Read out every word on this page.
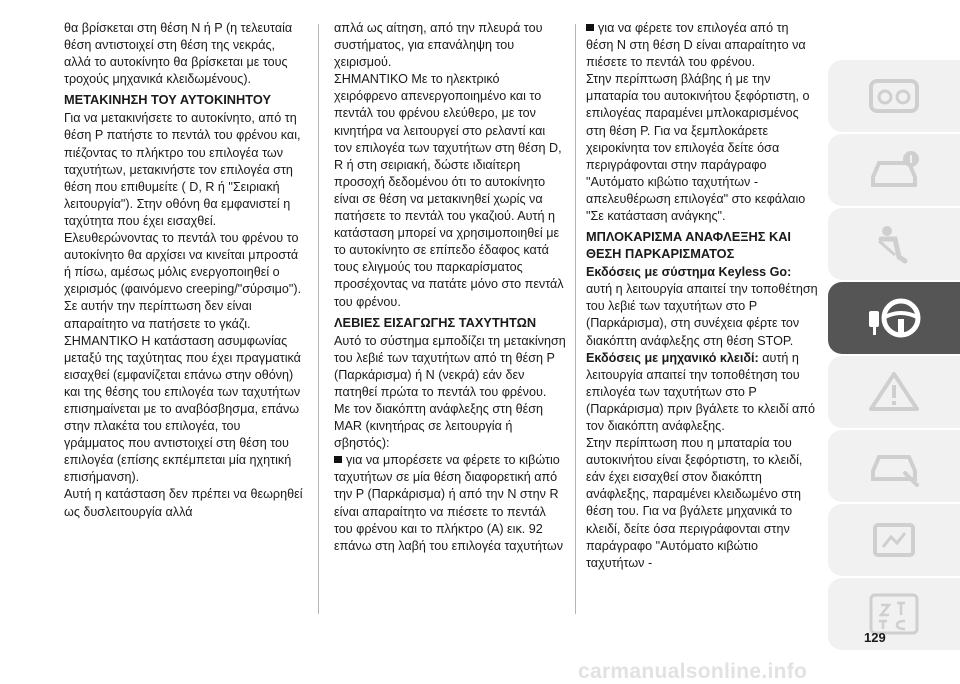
θα βρίσκεται στη θέση N ή P (η τελευταία θέση αντιστοιχεί στη θέση της νεκράς, αλλά το αυτοκίνητο θα βρίσκεται με τους τροχούς μηχανικά κλειδωμένους).

ΜΕΤΑΚΙΝΗΣΗ ΤΟΥ ΑΥΤΟΚΙΝΗΤΟΥ

Για να μετακινήσετε το αυτοκίνητο, από τη θέση P πατήστε το πεντάλ του φρένου και, πιέζοντας το πλήκτρο του επιλογέα των ταχυτήτων, μετακινήστε τον επιλογέα στη θέση που επιθυμείτε ( D, R ή "Σειριακή λειτουργία"). Στην οθόνη θα εμφανιστεί η ταχύτητα που έχει εισαχθεί.

Ελευθερώνοντας το πεντάλ του φρένου το αυτοκίνητο θα αρχίσει να κινείται μπροστά ή πίσω, αμέσως μόλις ενεργοποιηθεί ο χειρισμός (φαινόμενο creeping/"σύρσιμο").

Σε αυτήν την περίπτωση δεν είναι απαραίτητο να πατήσετε το γκάζι.

ΣΗΜΑΝΤΙΚΟ Η κατάσταση ασυμφωνίας μεταξύ της ταχύτητας που έχει πραγματικά εισαχθεί (εμφανίζεται επάνω στην οθόνη) και της θέσης του επιλογέα των ταχυτήτων επισημαίνεται με το αναβόσβησμα, επάνω στην πλακέτα του επιλογέα, του γράμματος που αντιστοιχεί στη θέση του επιλογέα (επίσης εκπέμπεται μία ηχητική επισήμανση).

Αυτή η κατάσταση δεν πρέπει να θεωρηθεί ως δυσλειτουργία αλλά

απλά ως αίτηση, από την πλευρά του συστήματος, για επανάληψη του χειρισμού.

ΣΗΜΑΝΤΙΚΟ Με το ηλεκτρικό χειρόφρενο απενεργοποιημένο και το πεντάλ του φρένου ελεύθερο, με τον κινητήρα να λειτουργεί στο ρελαντί και τον επιλογέα των ταχυτήτων στη θέση D, R ή στη σειριακή, δώστε ιδιαίτερη προσοχή δεδομένου ότι το αυτοκίνητο είναι σε θέση να μετακινηθεί χωρίς να πατήσετε το πεντάλ του γκαζιού. Αυτή η κατάσταση μπορεί να χρησιμοποιηθεί με το αυτοκίνητο σε επίπεδο έδαφος κατά τους ελιγμούς του παρκαρίσματος προσέχοντας να πατάτε μόνο στο πεντάλ του φρένου.

ΛΕΒΙΕΣ ΕΙΣΑΓΩΓΗΣ ΤΑΧΥΤΗΤΩΝ

Αυτό το σύστημα εμποδίζει τη μετακίνηση του λεβιέ των ταχυτήτων από τη θέση P (Παρκάρισμα) ή N (νεκρά) εάν δεν πατηθεί πρώτα το πεντάλ του φρένου.

Με τον διακόπτη ανάφλεξης στη θέση MAR (κινητήρας σε λειτουργία ή σβηστός):

για να μπορέσετε να φέρετε το κιβώτιο ταχυτήτων σε μία θέση διαφορετική από την P (Παρκάρισμα) ή από την N στην R είναι απαραίτητο να πιέσετε το πεντάλ του φρένου και το πλήκτρο (A) εικ. 92 επάνω στη λαβή του επιλογέα ταχυτήτων

για να φέρετε τον επιλογέα από τη θέση N στη θέση D είναι απαραίτητο να πιέσετε το πεντάλ του φρένου.

Στην περίπτωση βλάβης ή με την μπαταρία του αυτοκινήτου ξεφόρτιστη, ο επιλογέας παραμένει μπλοκαρισμένος στη θέση P. Για να ξεμπλοκάρετε χειροκίνητα τον επιλογέα δείτε όσα περιγράφονται στην παράγραφο "Αυτόματο κιβώτιο ταχυτήτων - απελευθέρωση επιλογέα" στο κεφάλαιο "Σε κατάσταση ανάγκης".

ΜΠΛΟΚΑΡΙΣΜΑ ΑΝΑΦΛΕΞΗΣ ΚΑΙ ΘΕΣΗ ΠΑΡΚΑΡΙΣΜΑΤΟΣ

Εκδόσεις με σύστημα Keyless Go: αυτή η λειτουργία απαιτεί την τοποθέτηση του λεβιέ των ταχυτήτων στο P (Παρκάρισμα), στη συνέχεια φέρτε τον διακόπτη ανάφλεξης στη θέση STOP.

Εκδόσεις με μηχανικό κλειδί: αυτή η λειτουργία απαιτεί την τοποθέτηση του επιλογέα των ταχυτήτων στο P (Παρκάρισμα) πριν βγάλετε το κλειδί από τον διακόπτη ανάφλεξης.

Στην περίπτωση που η μπαταρία του αυτοκινήτου είναι ξεφόρτιστη, το κλειδί, εάν έχει εισαχθεί στον διακόπτη ανάφλεξης, παραμένει κλειδωμένο στη θέση του. Για να βγάλετε μηχανικά το κλειδί, δείτε όσα περιγράφονται στην παράγραφο "Αυτόματο κιβώτιο ταχυτήτων -

129
carmanualsonline.info
